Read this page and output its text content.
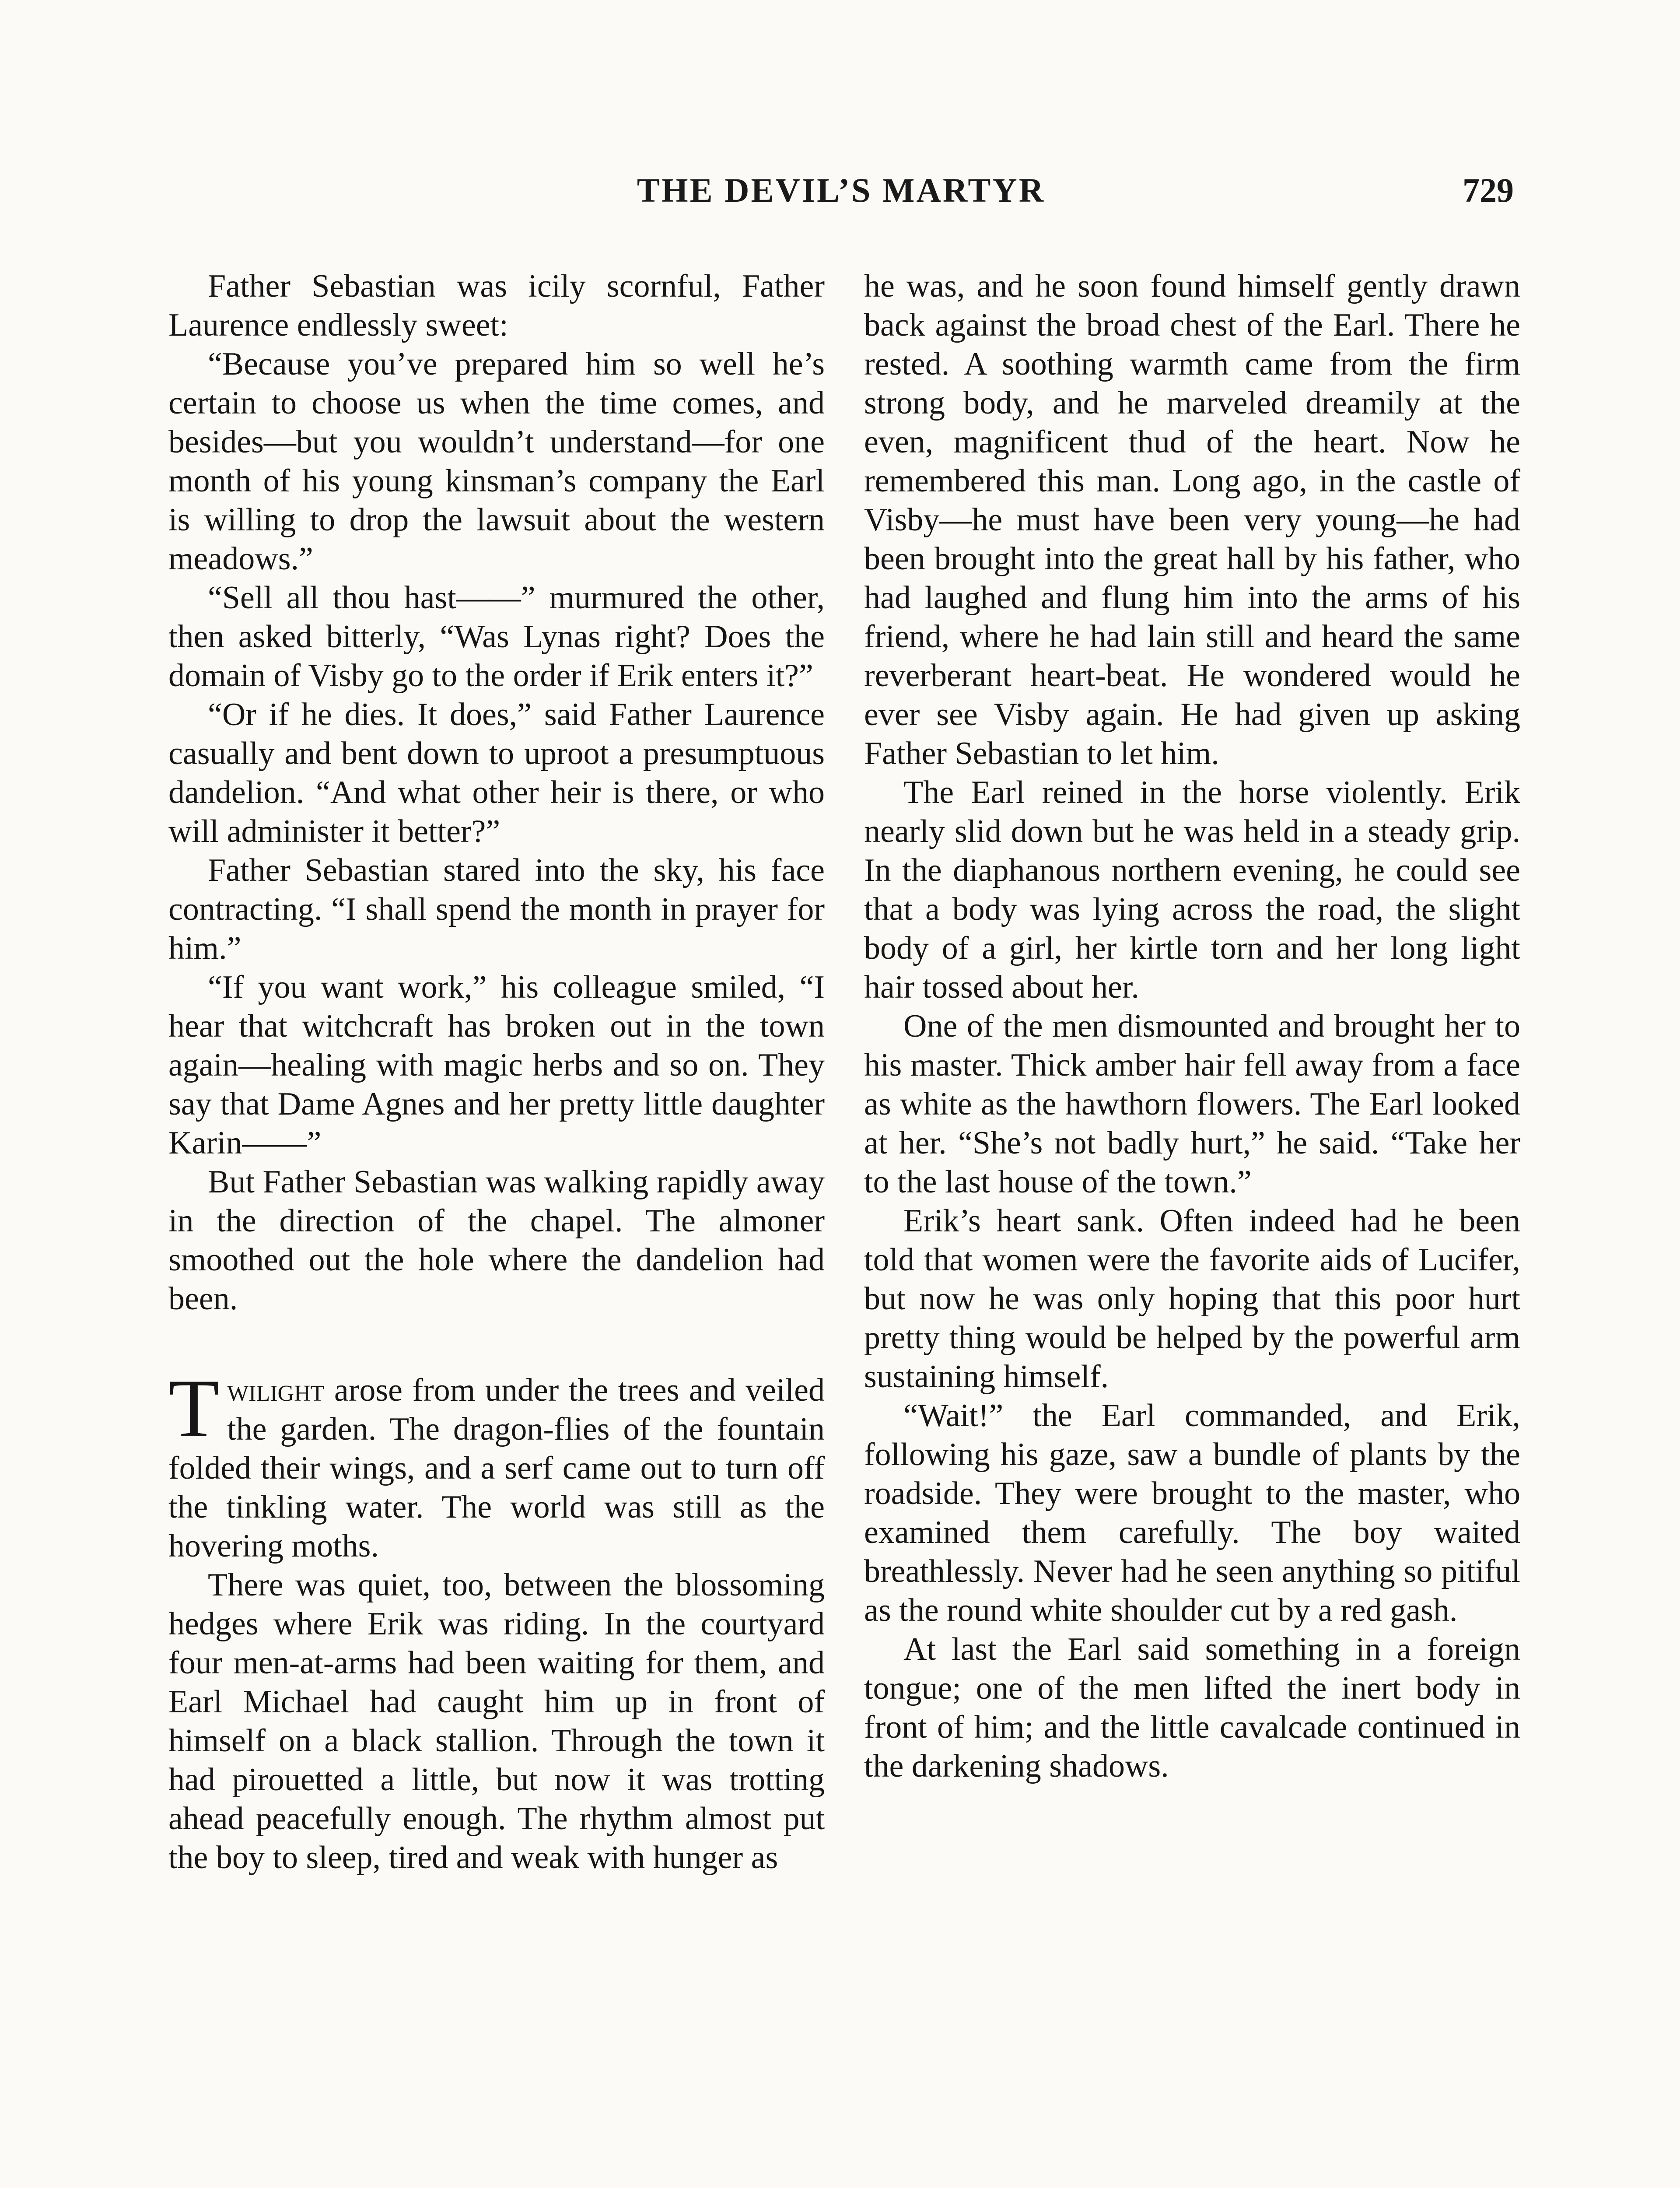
THE DEVIL’S MARTYR	729

Father Sebastian was icily scornful, Father Laurence endlessly sweet:

“Because you’ve prepared him so well he’s certain to choose us when the time comes, and besides—but you wouldn’t understand—for one month of his young kinsman’s company the Earl is willing to drop the lawsuit about the western meadows.”

“Sell all thou hast——” murmured the other, then asked bitterly, “Was Lynas right? Does the domain of Visby go to the order if Erik enters it?”

“Or if he dies. It does,” said Father Laurence casually and bent down to uproot a presumptuous dandelion. “And what other heir is there, or who will administer it better?”

Father Sebastian stared into the sky, his face contracting. “I shall spend the month in prayer for him.”

“If you want work,” his colleague smiled, “I hear that witchcraft has broken out in the town again—healing with magic herbs and so on. They say that Dame Agnes and her pretty little daughter Karin——”

But Father Sebastian was walking rapidly away in the direction of the chapel. The almoner smoothed out the hole where the dandelion had been.

Twilight arose from under the trees and veiled the garden. The dragon-flies of the fountain folded their wings, and a serf came out to turn off the tinkling water. The world was still as the hovering moths.

There was quiet, too, between the blossoming hedges where Erik was riding. In the courtyard four men-at-arms had been waiting for them, and Earl Michael had caught him up in front of himself on a black stallion. Through the town it had pirouetted a little, but now it was trotting ahead peacefully enough. The rhythm almost put the boy to sleep, tired and weak with hunger as

he was, and he soon found himself gently drawn back against the broad chest of the Earl. There he rested. A soothing warmth came from the firm strong body, and he marveled dreamily at the even, magnificent thud of the heart. Now he remembered this man. Long ago, in the castle of Visby—he must have been very young—he had been brought into the great hall by his father, who had laughed and flung him into the arms of his friend, where he had lain still and heard the same reverberant heart-beat. He wondered would he ever see Visby again. He had given up asking Father Sebastian to let him.

The Earl reined in the horse violently. Erik nearly slid down but he was held in a steady grip. In the diaphanous northern evening, he could see that a body was lying across the road, the slight body of a girl, her kirtle torn and her long light hair tossed about her.

One of the men dismounted and brought her to his master. Thick amber hair fell away from a face as white as the hawthorn flowers. The Earl looked at her. “She’s not badly hurt,” he said. “Take her to the last house of the town.”

Erik’s heart sank. Often indeed had he been told that women were the favorite aids of Lucifer, but now he was only hoping that this poor hurt pretty thing would be helped by the powerful arm sustaining himself.

“Wait!” the Earl commanded, and Erik, following his gaze, saw a bundle of plants by the roadside. They were brought to the master, who examined them carefully. The boy waited breathlessly. Never had he seen anything so pitiful as the round white shoulder cut by a red gash.

At last the Earl said something in a foreign tongue; one of the men lifted the inert body in front of him; and the little cavalcade continued in the darkening shadows.
